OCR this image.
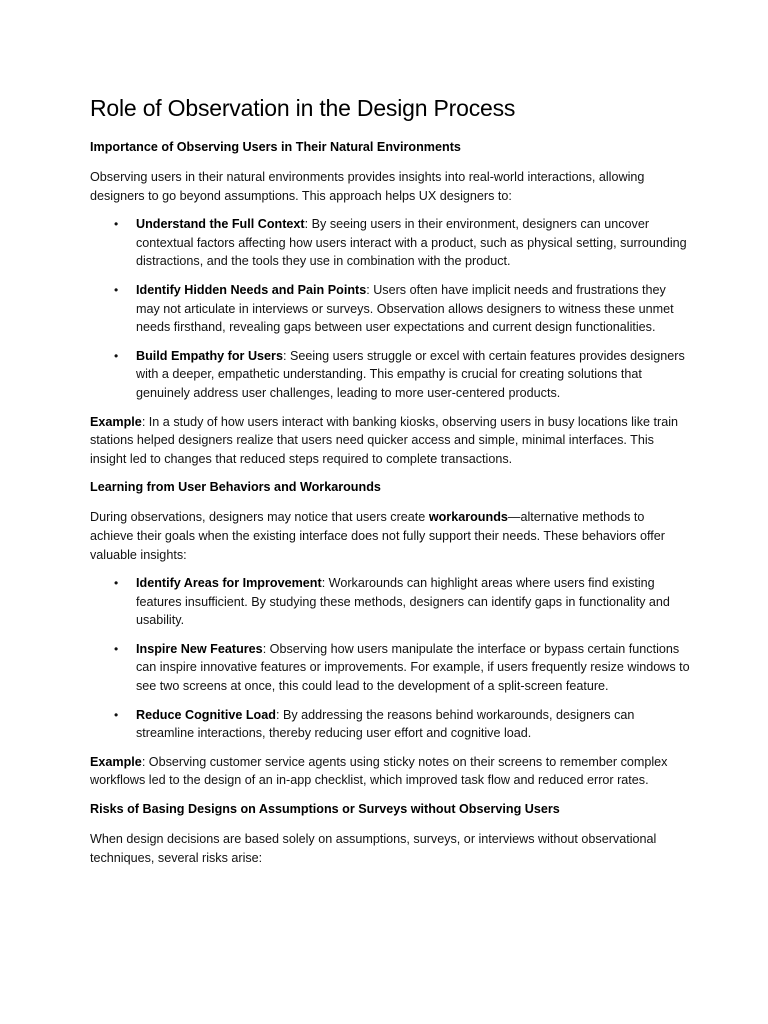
Role of Observation in the Design Process
Importance of Observing Users in Their Natural Environments

Observing users in their natural environments provides insights into real-world interactions, allowing designers to go beyond assumptions. This approach helps UX designers to:

• Understand the Full Context: By seeing users in their environment, designers can uncover contextual factors affecting how users interact with a product, such as physical setting, surrounding distractions, and the tools they use in combination with the product.
• Identify Hidden Needs and Pain Points: Users often have implicit needs and frustrations they may not articulate in interviews or surveys. Observation allows designers to witness these unmet needs firsthand, revealing gaps between user expectations and current design functionalities.
• Build Empathy for Users: Seeing users struggle or excel with certain features provides designers with a deeper, empathetic understanding. This empathy is crucial for creating solutions that genuinely address user challenges, leading to more user-centered products.

Example: In a study of how users interact with banking kiosks, observing users in busy locations like train stations helped designers realize that users need quicker access and simple, minimal interfaces. This insight led to changes that reduced steps required to complete transactions.

Learning from User Behaviors and Workarounds

During observations, designers may notice that users create workarounds—alternative methods to achieve their goals when the existing interface does not fully support their needs. These behaviors offer valuable insights:

• Identify Areas for Improvement: Workarounds can highlight areas where users find existing features insufficient. By studying these methods, designers can identify gaps in functionality and usability.
• Inspire New Features: Observing how users manipulate the interface or bypass certain functions can inspire innovative features or improvements. For example, if users frequently resize windows to see two screens at once, this could lead to the development of a split-screen feature.
• Reduce Cognitive Load: By addressing the reasons behind workarounds, designers can streamline interactions, thereby reducing user effort and cognitive load.

Example: Observing customer service agents using sticky notes on their screens to remember complex workflows led to the design of an in-app checklist, which improved task flow and reduced error rates.

Risks of Basing Designs on Assumptions or Surveys without Observing Users

When design decisions are based solely on assumptions, surveys, or interviews without observational techniques, several risks arise:
